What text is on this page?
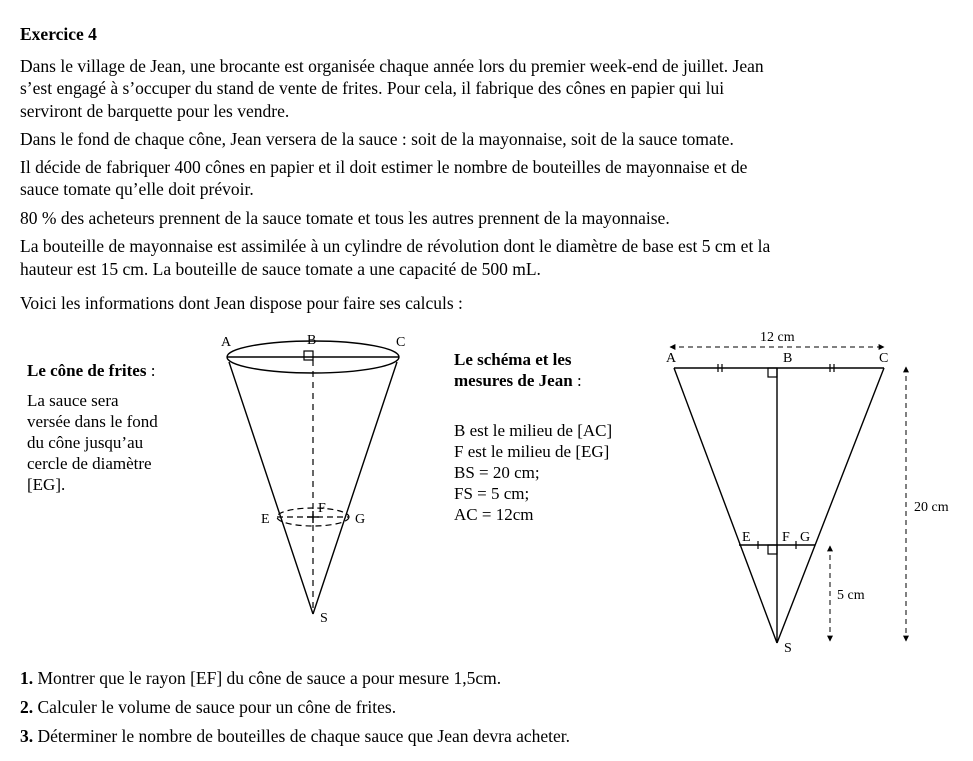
Exercice 4
Dans le village de Jean, une brocante est organisée chaque année lors du premier week-end de juillet. Jean
s’est engagé à s’occuper du stand de vente de frites. Pour cela, il fabrique des cônes en papier qui lui
serviront de barquette pour les vendre.
Dans le fond de chaque cône, Jean versera de la sauce : soit de la mayonnaise, soit de la sauce tomate.
Il décide de fabriquer 400 cônes en papier et il doit estimer le nombre de bouteilles de mayonnaise et de
sauce tomate qu’elle doit prévoir.
80 % des acheteurs prennent de la sauce tomate et tous les autres prennent de la mayonnaise.
La bouteille de mayonnaise est assimilée à un cylindre de révolution dont le diamètre de base est 5 cm et la
hauteur est 15 cm. La bouteille de sauce tomate a une capacité de 500 mL.
Voici les informations dont Jean dispose pour faire ses calculs :
Le cône de frites :
La sauce sera
versée dans le fond
du cône jusqu’au
cercle de diamètre
[EG].
A	B	C
E
F
G
S
Le schéma et les
mesures de Jean :
B est le milieu de [AC]
F est le milieu de [EG]
BS = 20 cm;
FS = 5 cm;
AC = 12cm
12 cm
A	B	C
E F G
S
20 cm
5 cm
1. Montrer que le rayon [EF] du cône de sauce a pour mesure 1,5cm.
2. Calculer le volume de sauce pour un cône de frites.
3. Déterminer le nombre de bouteilles de chaque sauce que Jean devra acheter.
